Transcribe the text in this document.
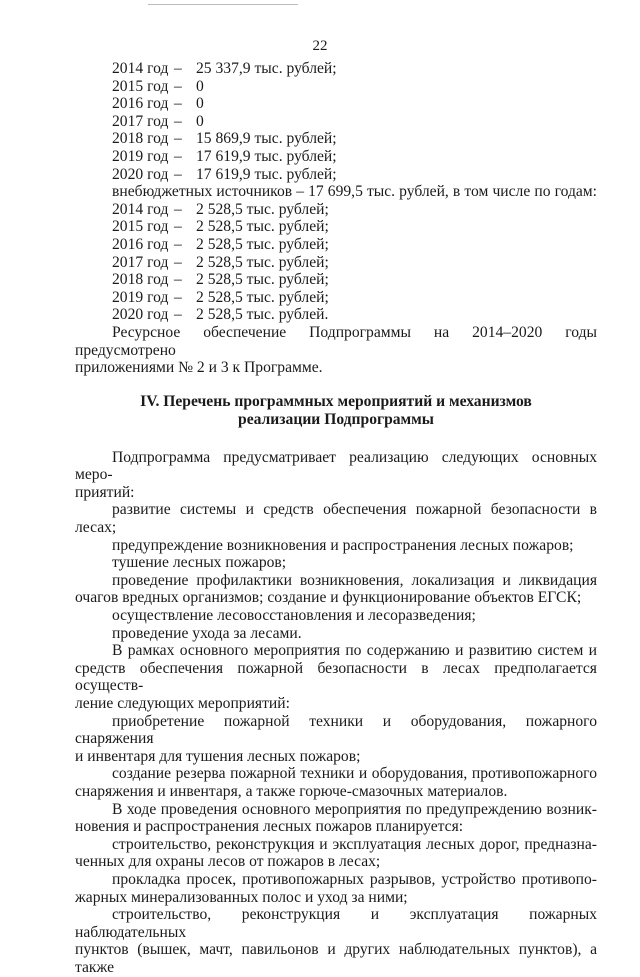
22
2014 год – 25 337,9 тыс. рублей;
2015 год – 0
2016 год – 0
2017 год – 0
2018 год – 15 869,9 тыс. рублей;
2019 год – 17 619,9 тыс. рублей;
2020 год – 17 619,9 тыс. рублей;
внебюджетных источников – 17 699,5 тыс. рублей, в том числе по годам:
2014 год – 2 528,5 тыс. рублей;
2015 год – 2 528,5 тыс. рублей;
2016 год – 2 528,5 тыс. рублей;
2017 год – 2 528,5 тыс. рублей;
2018 год – 2 528,5 тыс. рублей;
2019 год – 2 528,5 тыс. рублей;
2020 год – 2 528,5 тыс. рублей.
Ресурсное обеспечение Подпрограммы на 2014–2020 годы предусмотрено
приложениями № 2 и 3 к Программе.
IV. Перечень программных мероприятий и механизмов
реализации Подпрограммы
Подпрограмма предусматривает реализацию следующих основных меро-
приятий:
развитие системы и средств обеспечения пожарной безопасности в лесах;
предупреждение возникновения и распространения лесных пожаров;
тушение лесных пожаров;
проведение профилактики возникновения, локализация и ликвидация
очагов вредных организмов; создание и функционирование объектов ЕГСК;
осуществление лесовосстановления и лесоразведения;
проведение ухода за лесами.
В рамках основного мероприятия по содержанию и развитию систем и
средств обеспечения пожарной безопасности в лесах предполагается осуществ-
ление следующих мероприятий:
приобретение пожарной техники и оборудования, пожарного снаряжения
и инвентаря для тушения лесных пожаров;
создание резерва пожарной техники и оборудования, противопожарного
снаряжения и инвентаря, а также горюче-смазочных материалов.
В ходе проведения основного мероприятия по предупреждению возник-
новения и распространения лесных пожаров планируется:
строительство, реконструкция и эксплуатация лесных дорог, предназна-
ченных для охраны лесов от пожаров в лесах;
прокладка просек, противопожарных разрывов, устройство противопо-
жарных минерализованных полос и уход за ними;
строительство, реконструкция и эксплуатация пожарных наблюдательных
пунктов (вышек, мачт, павильонов и других наблюдательных пунктов), а также
